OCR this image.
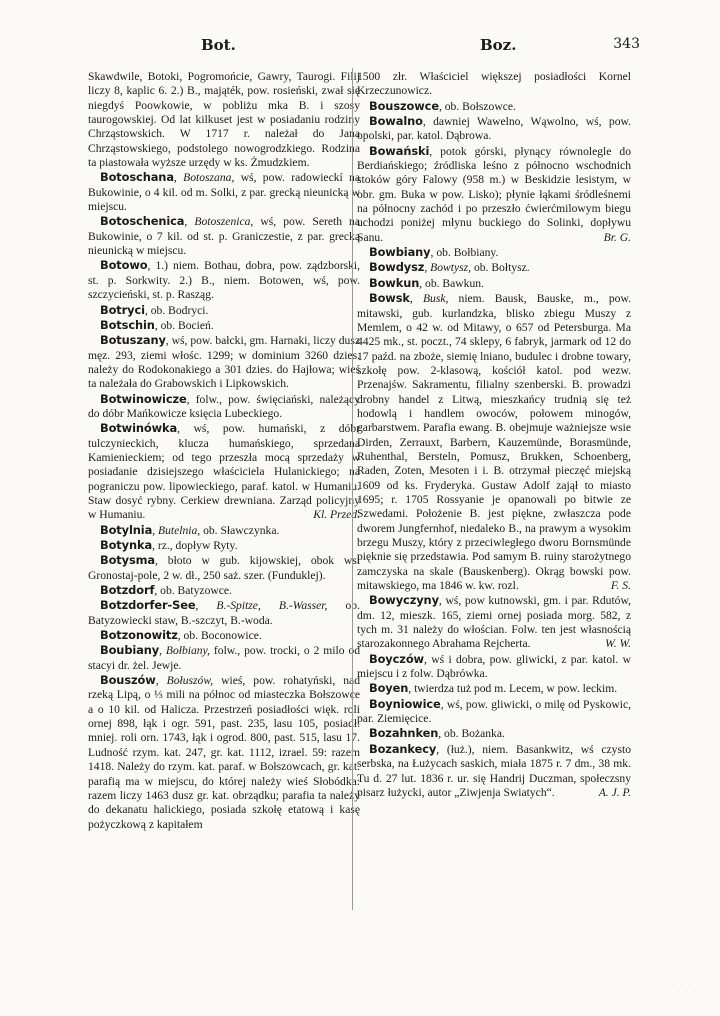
Bot.	Boz.	343

Skawdwile, Botoki, Pogromońcie, Gawry, Taurogi. Filij liczy 8, kaplic 6. 2.) B., mająték, pow. rosieński, zwał się niegdyś Poowkowie, w pobliżu mka B. i szosy taurogowskiej. Od lat kilkuset jest w posiadaniu rodziny Chrząstowskich. W 1717 r. należał do Jana Chrząstowskiego, podstolego nowogrodzkiego. Rodzina ta piastowała wyższe urzędy w ks. Żmudzkiem.

Botoschana, Botoszana, wś, pow. radowieckí na Bukowinie, o 4 kil. od m. Solki, z par. grecką nieunicką w miejscu.

Botoschenica, Botoszenica, wś, pow. Sereth na Bukowinie, o 7 kil. od st. p. Graniczestie, z par. grecką nieunicką w miejscu.

Botowo, 1.) niem. Bothau, dobra, pow. ządzborski, st. p. Sorkwity. 2.) B., niem. Botowen, wś, pow. szczycieński, st. p. Rasząg.

Botryci, ob. Bodryci.

Botschin, ob. Bocień.

Botuszany, wś, pow. bałcki, gm. Harnaki, liczy dusz męz. 293, ziemi włośc. 1299; w dominium 3260 dzies. należy do Rodokonakiego a 301 dzies. do Hajłowa; wieś ta należała do Grabowskich i Lipkowskich.

Botwinowicze, folw., pow. święciański, należący do dóbr Mańkowicze księcia Lubeckiego.

Botwinówka, wś, pow. humański, z dóbr tulczynieckich, klucza humańskiego, sprzedana Kamienieckiem; od tego przeszła mocą sprzedaży w posiadanie dzisiejszego właściciela Hulanickiego; na pograniczu pow. lipowieckiego, paraf. katol. w Humaniu. Staw dosyć rybny. Cerkiew drewniana. Zarząd policyjny w Humaniu.	Kl. Przed.

Botylnia, Butelnia, ob. Sławczynka.

Botynka, rz., dopływ Ryty.

Botysma, błoto w gub. kijowskiej, obok wsi Gronostaj-pole, 2 w. dł., 250 saż. szer. (Funduklej).

Botzdorf, ob. Batyzowce.

Botzdorfer-See, B.-Spitze, B.-Wasser, ob. Batyzowiecki staw, B.-szczyt, B.-woda.

Botzonowitz, ob. Boconowice.

Boubiany, Bołbiany, folw., pow. trocki, o 2 milo od stacyi dr. żel. Jewje.

Bouszów, Bołuszów, wieś, pow. rohatyński, nad rzeką Lipą, o ⅓ mili na północ od miasteczka Bołszowce a o 10 kil. od Halicza. Przestrzeń posiadłości więk. roli ornej 898, łąk i ogr. 591, past. 235, lasu 105, posiadł. mniej. roli orn. 1743, łąk i ogrod. 800, past. 515, lasu 17. Ludność rzym. kat. 247, gr. kat. 1112, izrael. 59: razem 1418. Należy do rzym. kat. paraf. w Bołszowcach, gr. kat. parafią ma w miejscu, do której należy wieś Słobódka: razem liczy 1463 dusz gr. kat. obrządku; parafia ta należy do dekanatu halickiego, posiada szkołę etatową i kasę pożyczkową z kapitałem

1500 złr. Właściciel większej posiadłości Kornel Krzeczunowicz.

Bouszowce, ob. Bołszowce.

Bowalno, dawniej Wawelno, Wąwolno, wś, pow. opolski, par. katol. Dąbrowa.

Bowański, potok górski, płynący równolegle do Berdiańskiego; źródliska leśno z północno wschodnich stoków góry Falowy (958 m.) w Beskidzie lesistym, w obr. gm. Buka w pow. Lisko); płynie łąkami śródleśnemi na północny zachód i po przeszło ćwierćmilowym biegu uchodzi poniżej młynu buckiego do Solinki, dopływu Sanu.	Br. G.

Bowbiany, ob. Bołbiany.

Bowdysz, Bowtysz, ob. Bołtysz.

Bowkun, ob. Bawkun.

Bowsk, Busk, niem. Bausk, Bauske, m., pow. mitawski, gub. kurlandzka, blisko zbiegu Muszy z Memlem, o 42 w. od Mitawy, o 657 od Petersburga. Ma 4425 mk., st. poczt., 74 sklepy, 6 fabryk, jarmark od 12 do 17 paźd. na zboże, siemię lniano, budulec i drobne towary, szkołę pow. 2-klasową, kościół katol. pod wezw. Przenajśw. Sakramentu, filialny szenberski. B. prowadzi drobny handel z Litwą, mieszkańcy trudnią się też hodowlą i handlem owoców, połowem minogów, garbarstwem. Parafia ewang. B. obejmuje ważniejsze wsie Dirden, Zerrauxt, Barbern, Kauzemünde, Borasmünde, Ruhenthal, Bersteln, Pomusz, Brukken, Schoenberg, Raden, Zoten, Mesoten i i. B. otrzymał pieczęć miejską 1609 od ks. Fryderyka. Gustaw Adolf zajął to miasto 1695; r. 1705 Rossyanie je opanowali po bitwie ze Szwedami. Położenie B. jest piękne, zwłaszcza pode dworem Jungfernhof, niedaleko B., na prawym a wysokim brzegu Muszy, który z przeciwległego dworu Bornsmünde pięknie się przedstawia. Pod samym B. ruiny starożytnego zamczyska na skale (Bauskenberg). Okrąg bowski pow. mitawskiego, ma 1846 w. kw. rozl.	F. S.

Bowyczyny, wś, pow kutnowski, gm. i par. Rdutów, dm. 12, mieszk. 165, ziemi ornej posiada morg. 582, z tych m. 31 należy do włościan. Folw. ten jest własnością starozakonnego Abrahama Rejcherta.	W. W.

Boyczów, wś i dobra, pow. gliwicki, z par. katol. w miejscu i z folw. Dąbrówka.

Boyen, twierdza tuż pod m. Lecem, w pow. leckim.

Boyniowice, wś, pow. gliwicki, o milę od Pyskowic, par. Ziemięcice.

Bozahnken, ob. Bożanka.

Bozankecy, (łuż.), niem. Basankwitz, wś czysto serbska, na Łużycach saskich, miała 1875 r. 7 dm., 38 mk. Tu d. 27 lut. 1836 r. ur. się Handrij Duczman, społeczsny pisarz łużycki, autor „Ziwjenja Swiatych“.	A. J. P.
· · ·
